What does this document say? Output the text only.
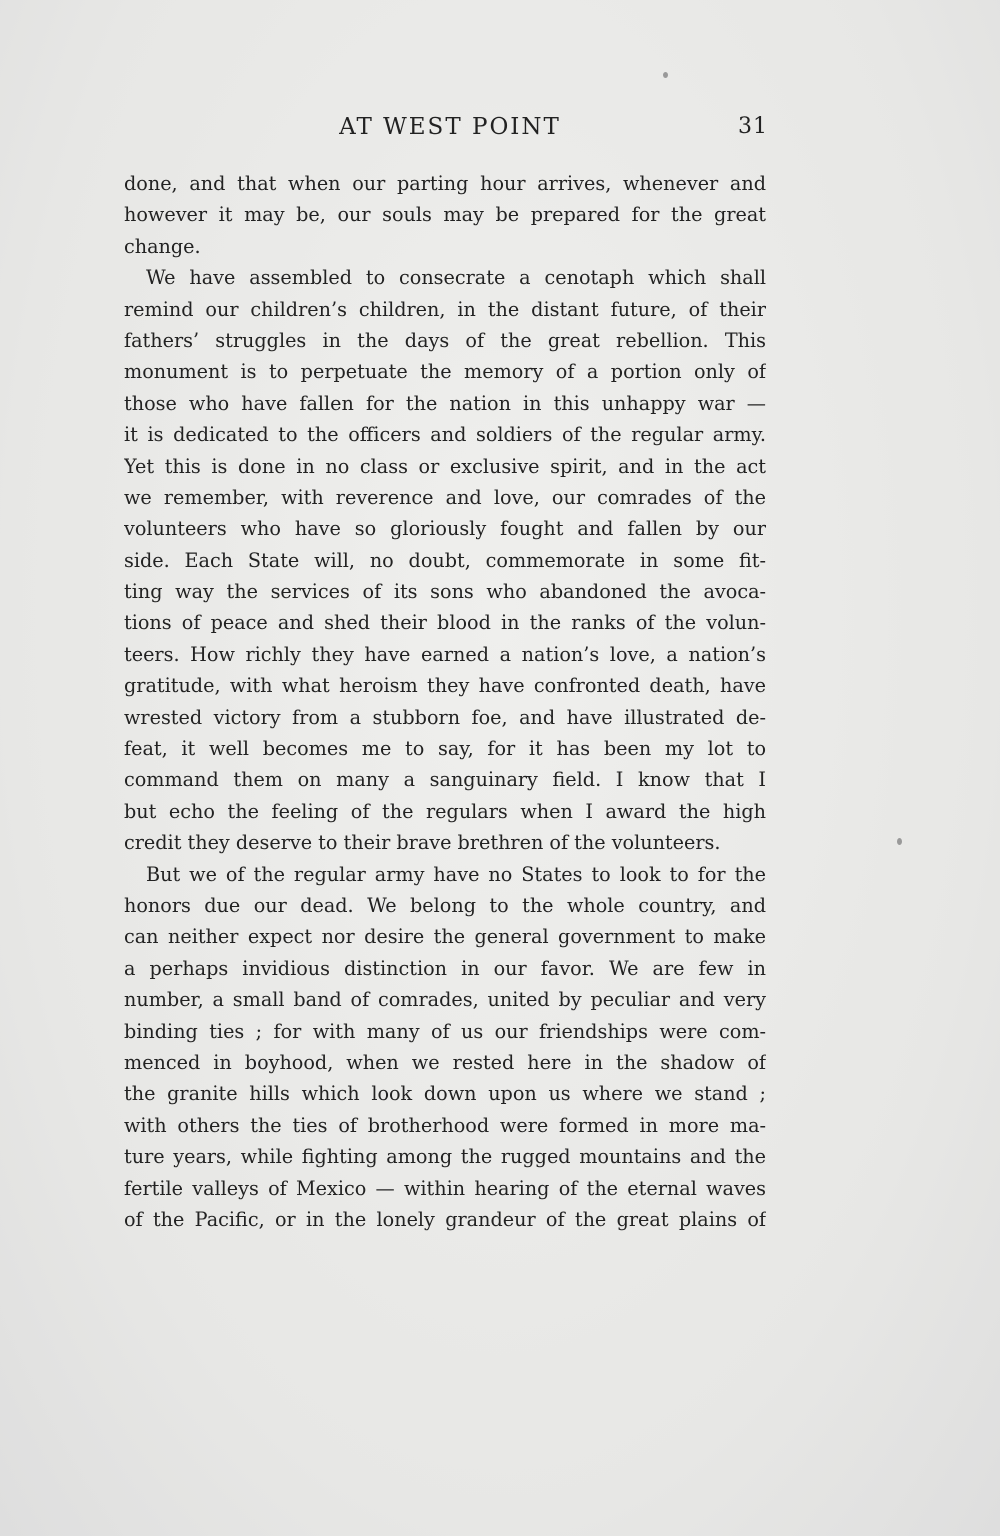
AT WEST POINT	31
done, and that when our parting hour arrives, whenever and
however it may be, our souls may be prepared for the great
change.
We have assembled to consecrate a cenotaph which shall
remind our children’s children, in the distant future, of their
fathers’ struggles in the days of the great rebellion. This
monument is to perpetuate the memory of a portion only of
those who have fallen for the nation in this unhappy war —
it is dedicated to the officers and soldiers of the regular army.
Yet this is done in no class or exclusive spirit, and in the act
we remember, with reverence and love, our comrades of the
volunteers who have so gloriously fought and fallen by our
side. Each State will, no doubt, commemorate in some fit-
ting way the services of its sons who abandoned the avoca-
tions of peace and shed their blood in the ranks of the volun-
teers. How richly they have earned a nation’s love, a nation’s
gratitude, with what heroism they have confronted death, have
wrested victory from a stubborn foe, and have illustrated de-
feat, it well becomes me to say, for it has been my lot to
command them on many a sanguinary field. I know that I
but echo the feeling of the regulars when I award the high
credit they deserve to their brave brethren of the volunteers.
But we of the regular army have no States to look to for the
honors due our dead. We belong to the whole country, and
can neither expect nor desire the general government to make
a perhaps invidious distinction in our favor. We are few in
number, a small band of comrades, united by peculiar and very
binding ties ; for with many of us our friendships were com-
menced in boyhood, when we rested here in the shadow of
the granite hills which look down upon us where we stand ;
with others the ties of brotherhood were formed in more ma-
ture years, while fighting among the rugged mountains and the
fertile valleys of Mexico — within hearing of the eternal waves
of the Pacific, or in the lonely grandeur of the great plains of
